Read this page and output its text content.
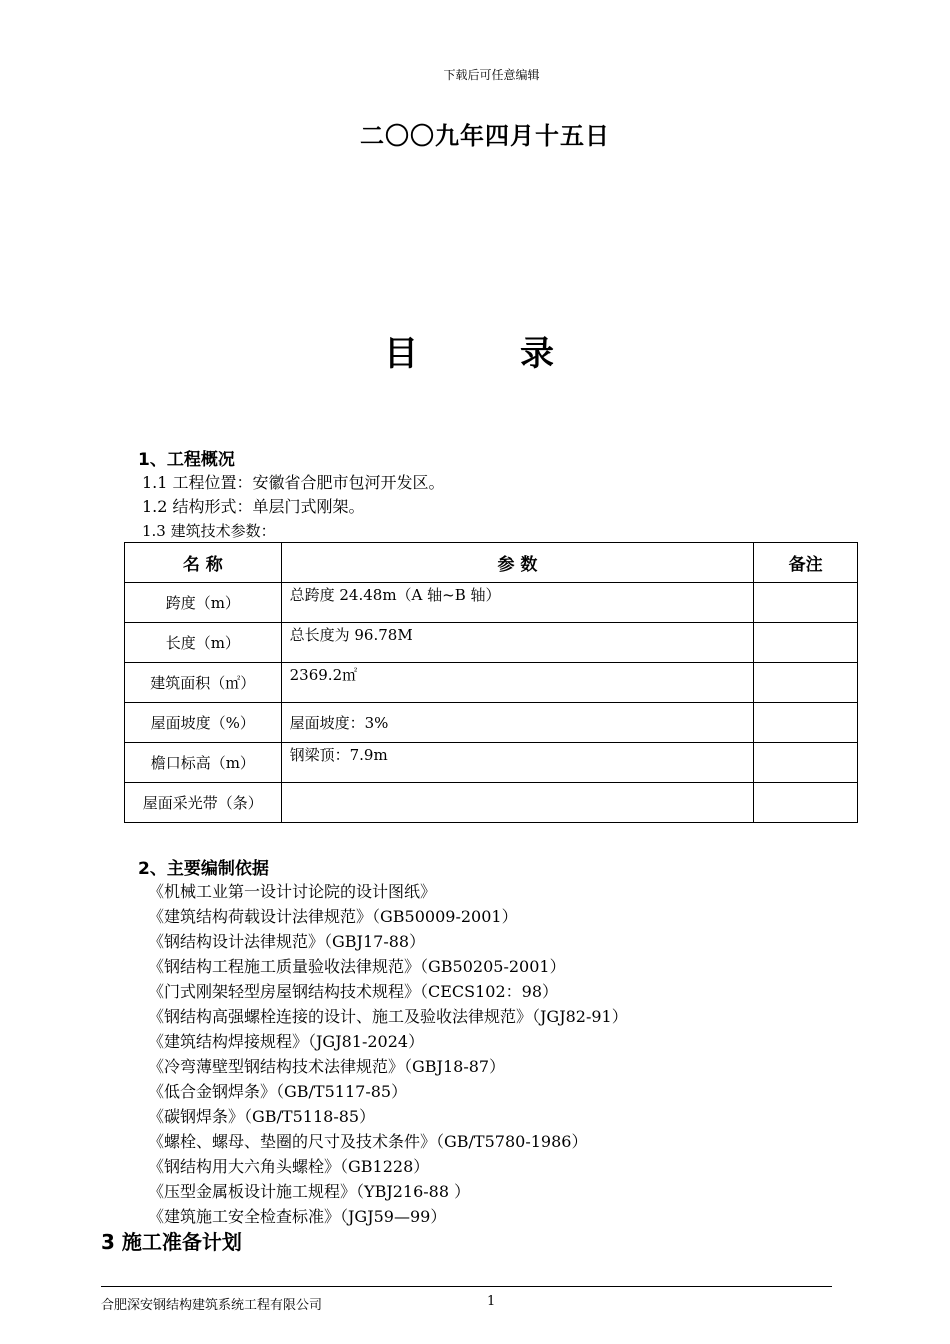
下载后可任意编辑
二〇〇九年四月十五日
目	录
1、工程概况
1.1 工程位置：安徽省合肥市包河开发区。
1.2 结构形式：单层门式刚架。
1.3 建筑技术参数：
名 称	参 数	备注

跨度（m）	总跨度 24.48m（A 轴~B 轴）	

长度（m）	总长度为 96.78M	

建筑面积（㎡）	2369.2㎡	

屋面坡度（%）	屋面坡度：3%	

檐口标高（m）	钢梁顶：7.9m	

屋面采光带（条）		

2、主要编制依据
《机械工业第一设计讨论院的设计图纸》
《建筑结构荷载设计法律规范》（GB50009-2001）
《钢结构设计法律规范》（GBJ17-88）
《钢结构工程施工质量验收法律规范》（GB50205-2001）
《门式刚架轻型房屋钢结构技术规程》（CECS102：98）
《钢结构高强螺栓连接的设计、施工及验收法律规范》（JGJ82-91）
《建筑结构焊接规程》（JGJ81-2024）
《冷弯薄壁型钢结构技术法律规范》（GBJ18-87）
《低合金钢焊条》（GB/T5117-85）
《碳钢焊条》（GB/T5118-85）
《螺栓、螺母、垫圈的尺寸及技术条件》（GB/T5780-1986）
《钢结构用大六角头螺栓》（GB1228）
《压型金属板设计施工规程》（YBJ216-88 ）
《建筑施工安全检查标准》（JGJ59—99）
3 施工准备计划
合肥深安钢结构建筑系统工程有限公司	1
